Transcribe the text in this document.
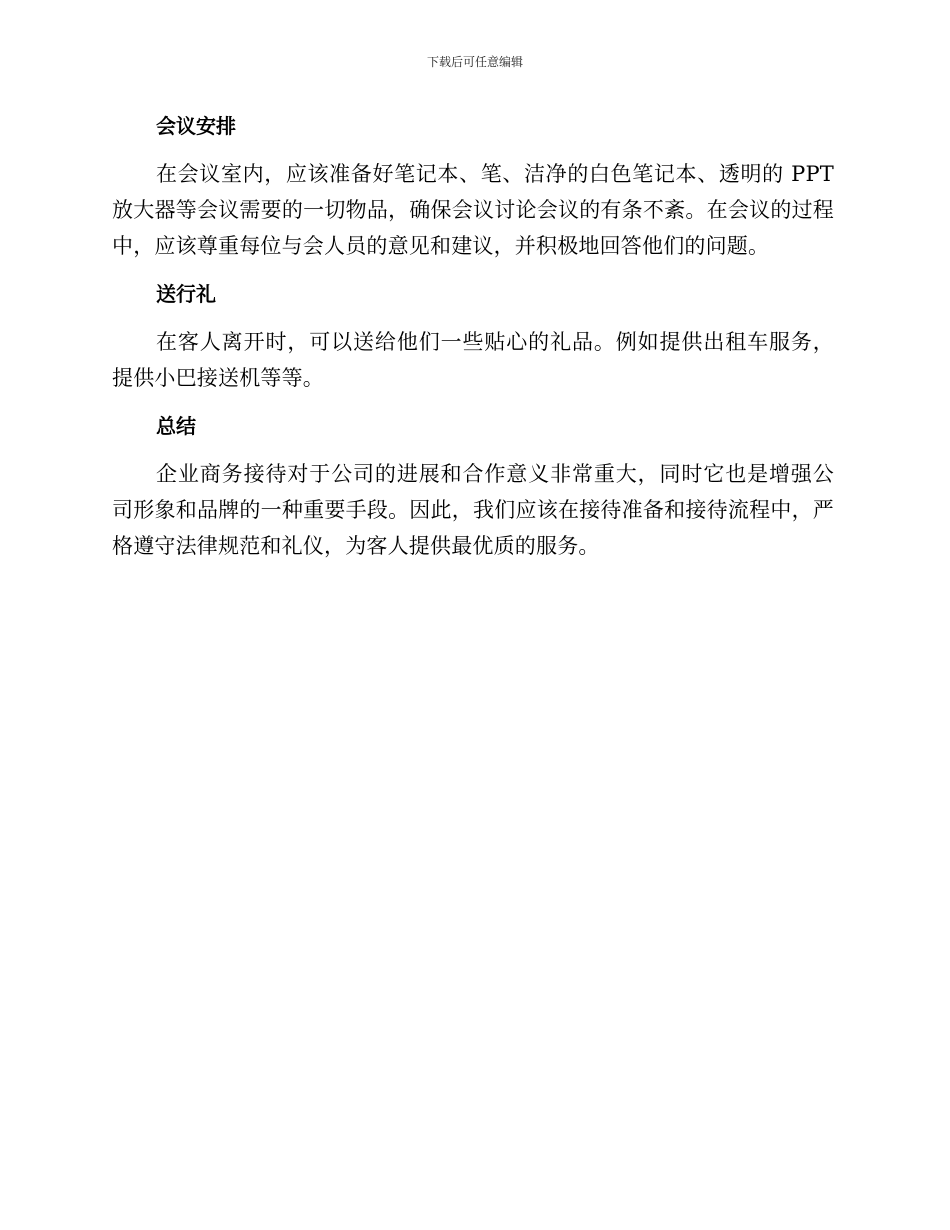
下载后可任意编辑
会议安排

在会议室内，应该准备好笔记本、笔、洁净的白色笔记本、透明的 PPT 放大器等会议需要的一切物品，确保会议讨论会议的有条不紊。在会议的过程中，应该尊重每位与会人员的意见和建议，并积极地回答他们的问题。

送行礼

在客人离开时，可以送给他们一些贴心的礼品。例如提供出租车服务，提供小巴接送机等等。

总结

企业商务接待对于公司的进展和合作意义非常重大，同时它也是增强公司形象和品牌的一种重要手段。因此，我们应该在接待准备和接待流程中，严格遵守法律规范和礼仪，为客人提供最优质的服务。
